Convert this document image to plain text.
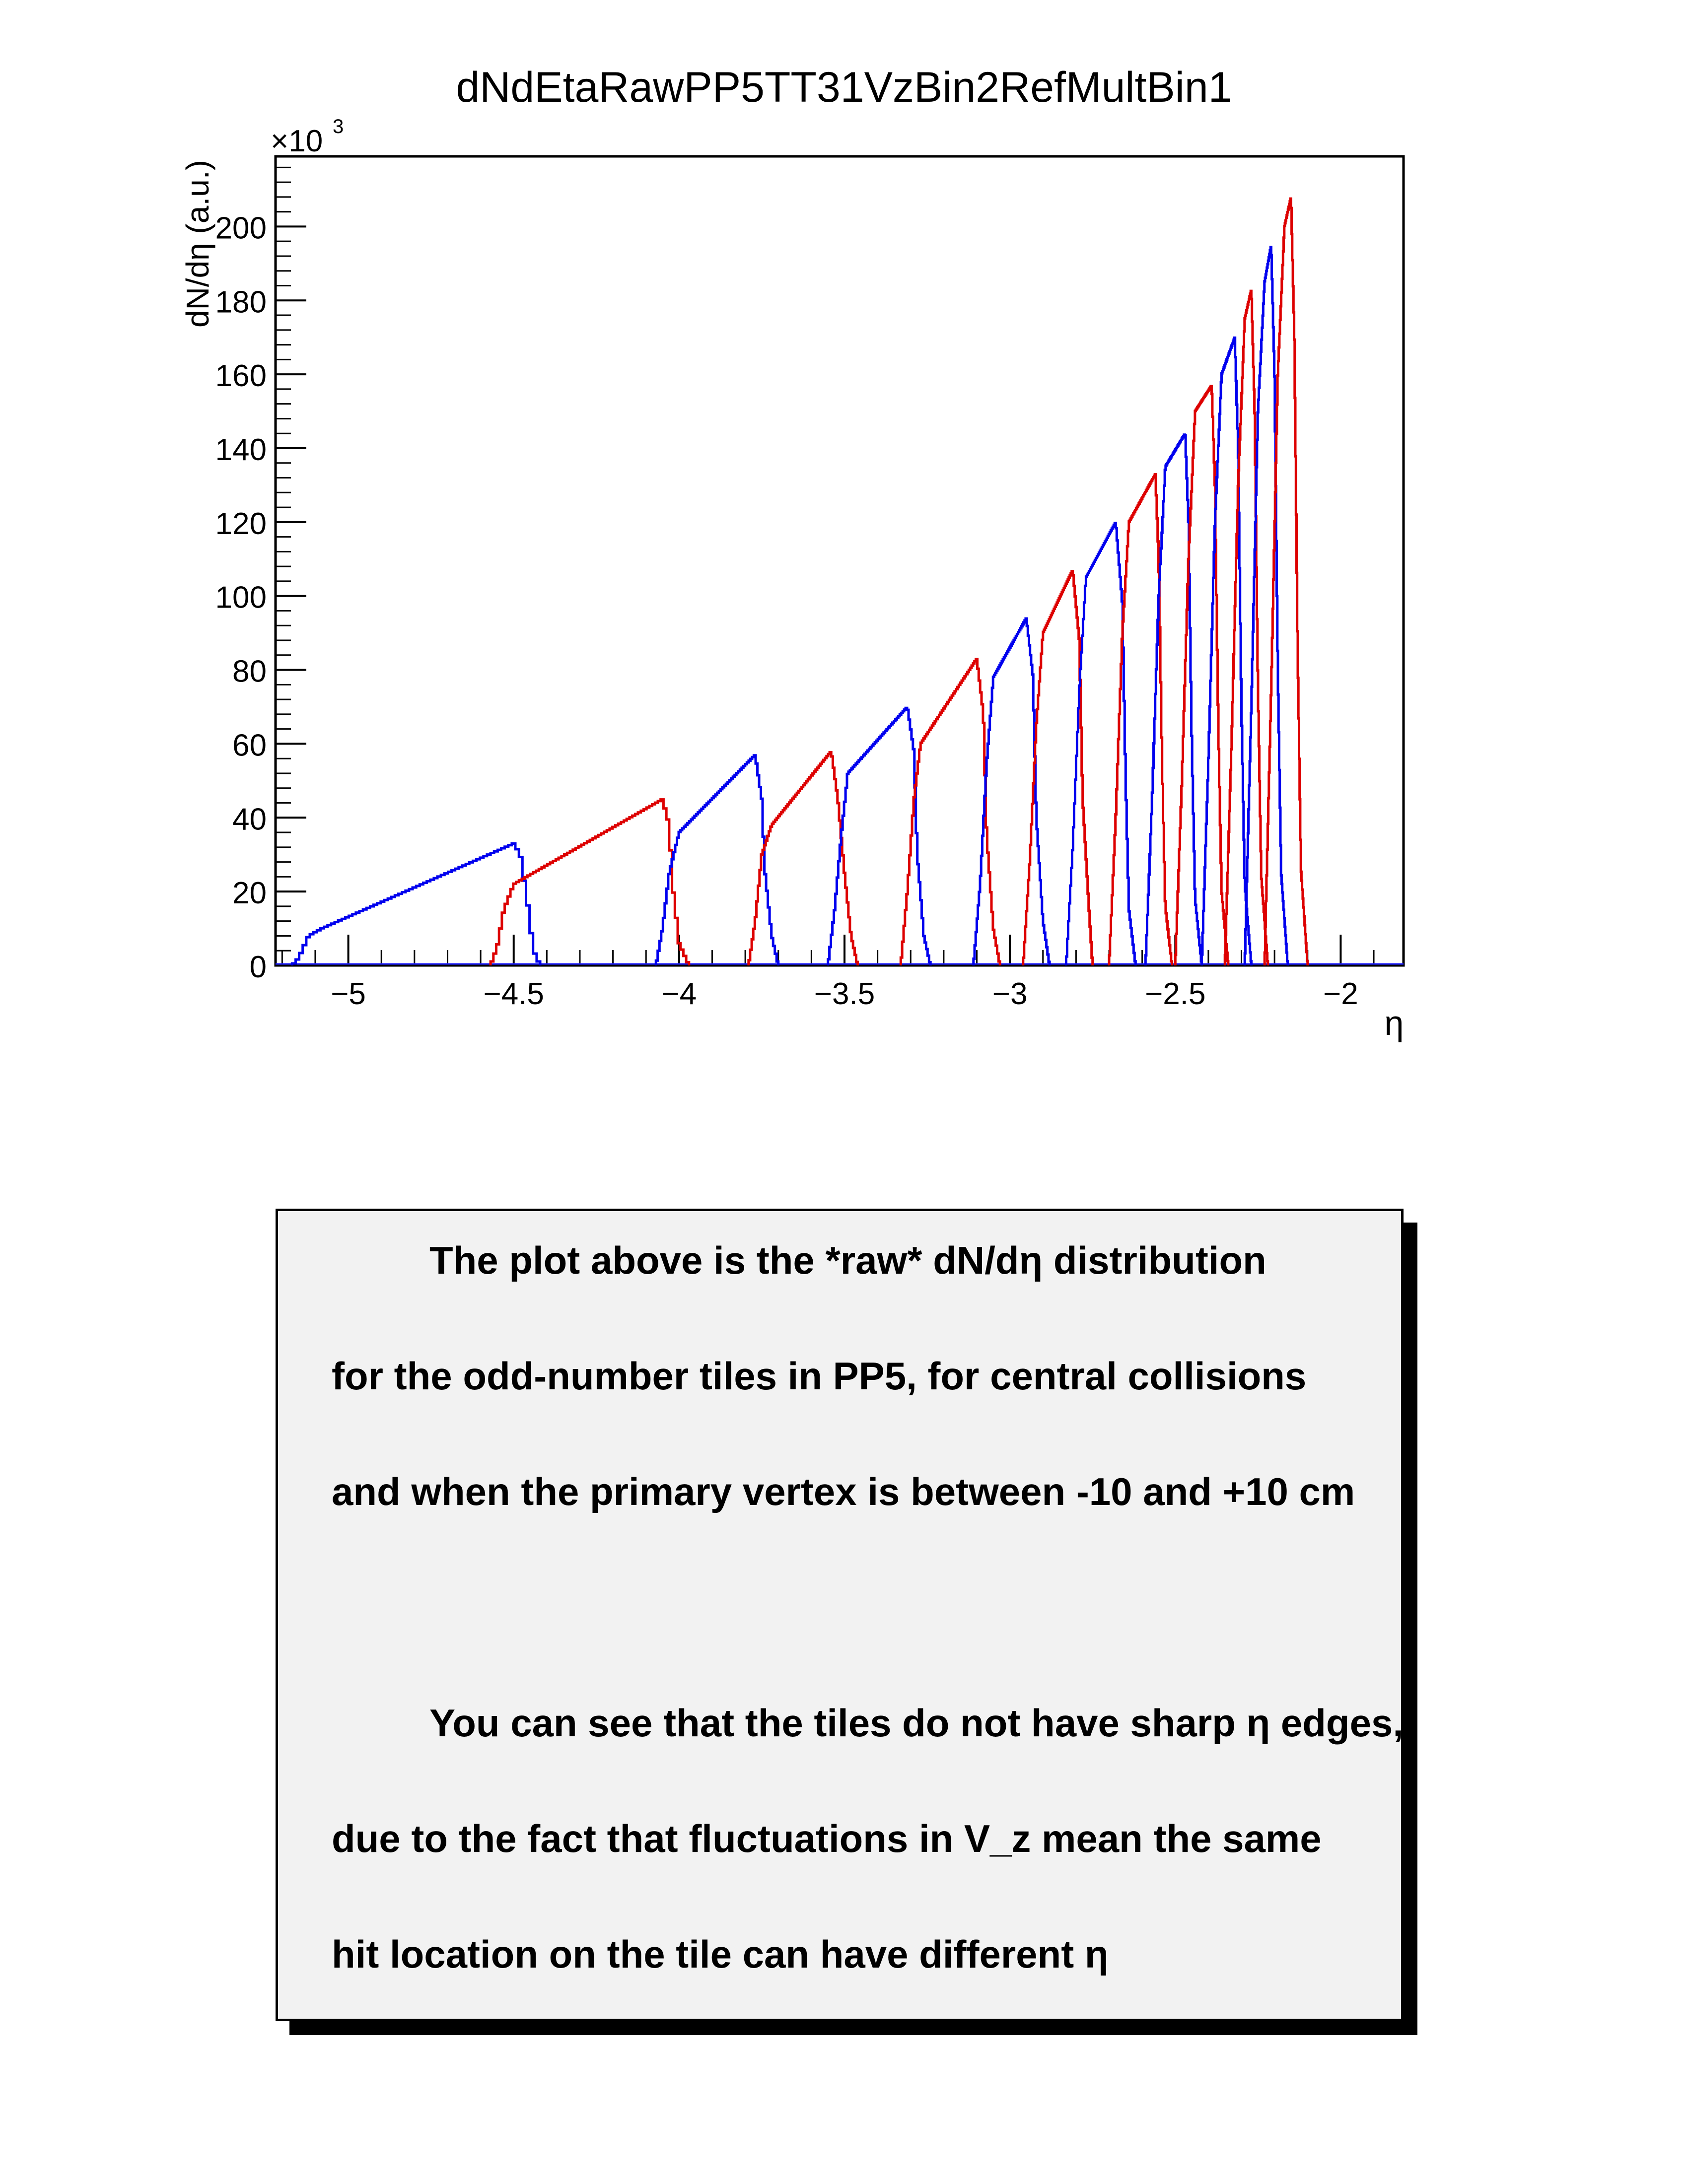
dNdEtaRawPP5TT31VzBin2RefMultBin1
×10 3
dN/dη (a.u.)
η
0
20
40
60
80
100
120
140
160
180
200
−5	−4.5	−4	−3.5	−3	−2.5	−2
The plot above is the *raw* dN/dη distribution
for the odd-number tiles in PP5, for central collisions
and when the primary vertex is between -10 and +10 cm
You can see that the tiles do not have sharp η edges,
due to the fact that fluctuations in V_z mean the same
hit location on the tile can have different η
